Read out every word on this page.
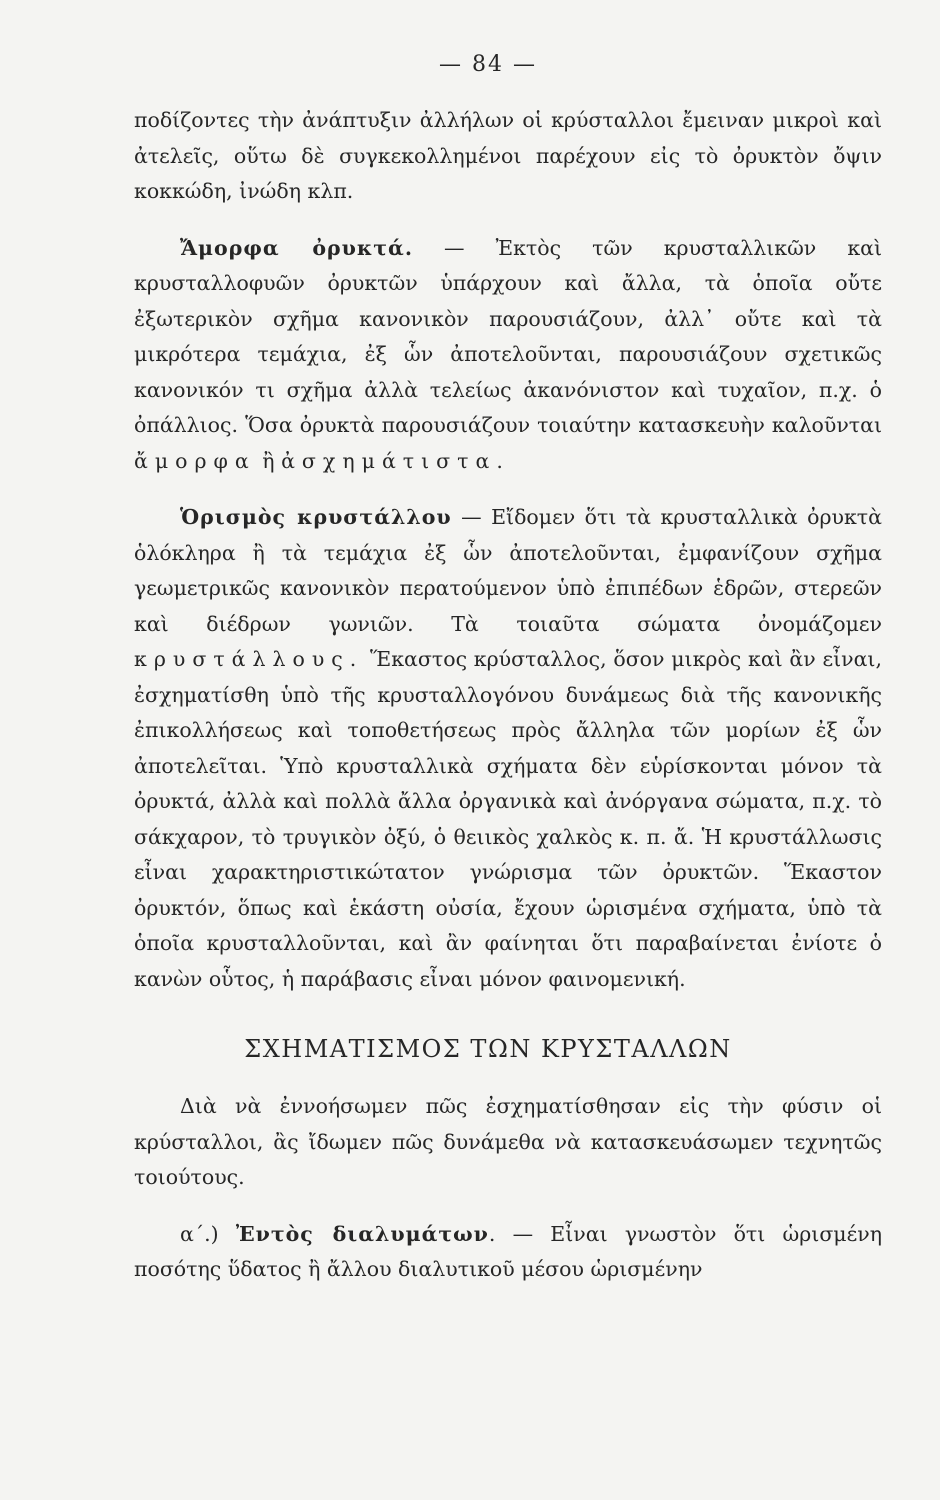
— 84 —

ποδίζοντες τὴν ἀνάπτυξιν ἀλλήλων οἱ κρύσταλλοι ἔμειναν μικροὶ καὶ ἀτελεῖς, οὕτω δὲ συγκεκολλημένοι παρέχουν εἰς τὸ ὀρυκτὸν ὄψιν κοκκώδη, ἰνώδη κλπ.

Ἄμορφα ὀρυκτά. — Ἐκτὸς τῶν κρυσταλλικῶν καὶ κρυσταλλοφυῶν ὀρυκτῶν ὑπάρχουν καὶ ἄλλα, τὰ ὁποῖα οὔτε ἐξωτερικὸν σχῆμα κανονικὸν παρουσιάζουν, ἀλλ᾽ οὔτε καὶ τὰ μικρότερα τεμάχια, ἐξ ὧν ἀποτελοῦνται, παρουσιάζουν σχετικῶς κανονικόν τι σχῆμα ἀλλὰ τελείως ἀκανόνιστον καὶ τυχαῖον, π.χ. ὁ ὀπάλλιος. Ὅσα ὀρυκτὰ παρουσιάζουν τοιαύτην κατασκευὴν καλοῦνται ἄμορφα ἢ ἀσχημάτιστα.

Ὁρισμὸς κρυστάλλου — Εἴδομεν ὅτι τὰ κρυσταλλικὰ ὀρυκτὰ ὁλόκληρα ἢ τὰ τεμάχια ἐξ ὧν ἀποτελοῦνται, ἐμφανίζουν σχῆμα γεωμετρικῶς κανονικὸν περατούμενον ὑπὸ ἐπιπέδων ἑδρῶν, στερεῶν καὶ διέδρων γωνιῶν. Τὰ τοιαῦτα σώματα ὀνομάζομεν κρυστάλλους. Ἕκαστος κρύσταλλος, ὅσον μικρὸς καὶ ἂν εἶναι, ἐσχηματίσθη ὑπὸ τῆς κρυσταλλογόνου δυνάμεως διὰ τῆς κανονικῆς ἐπικολλήσεως καὶ τοποθετήσεως πρὸς ἄλληλα τῶν μορίων ἐξ ὧν ἀποτελεῖται. Ὑπὸ κρυσταλλικὰ σχήματα δὲν εὑρίσκονται μόνον τὰ ὀρυκτά, ἀλλὰ καὶ πολλὰ ἄλλα ὀργανικὰ καὶ ἀνόργανα σώματα, π.χ. τὸ σάκχαρον, τὸ τρυγικὸν ὀξύ, ὁ θειικὸς χαλκὸς κ. π. ἄ. Ἡ κρυστάλλωσις εἶναι χαρακτηριστικώτατον γνώρισμα τῶν ὀρυκτῶν. Ἕκαστον ὀρυκτόν, ὅπως καὶ ἑκάστη οὐσία, ἔχουν ὡρισμένα σχήματα, ὑπὸ τὰ ὁποῖα κρυσταλλοῦνται, καὶ ἂν φαίνηται ὅτι παραβαίνεται ἐνίοτε ὁ κανὼν οὗτος, ἡ παράβασις εἶναι μόνον φαινομενική.

ΣΧΗΜΑΤΙΣΜΟΣ ΤΩΝ ΚΡΥΣΤΑΛΛΩΝ

Διὰ νὰ ἐννοήσωμεν πῶς ἐσχηματίσθησαν εἰς τὴν φύσιν οἱ κρύσταλλοι, ἂς ἴδωμεν πῶς δυνάμεθα νὰ κατασκευάσωμεν τεχνητῶς τοιούτους.

α΄.) Ἐντὸς διαλυμάτων. — Εἶναι γνωστὸν ὅτι ὡρισμένη ποσότης ὕδατος ἢ ἄλλου διαλυτικοῦ μέσου ὡρισμένην
